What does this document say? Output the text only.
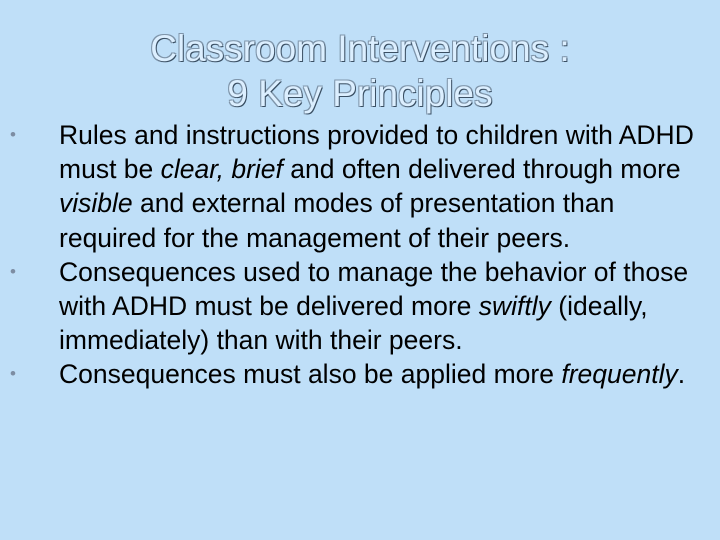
Classroom Interventions :
9 Key Principles
• Rules and instructions provided to children with ADHD must be clear, brief and often delivered through more visible and external modes of presentation than required for the management of their peers.
• Consequences used to manage the behavior of those with ADHD must be delivered more swiftly (ideally, immediately) than with their peers.
• Consequences must also be applied more frequently.
